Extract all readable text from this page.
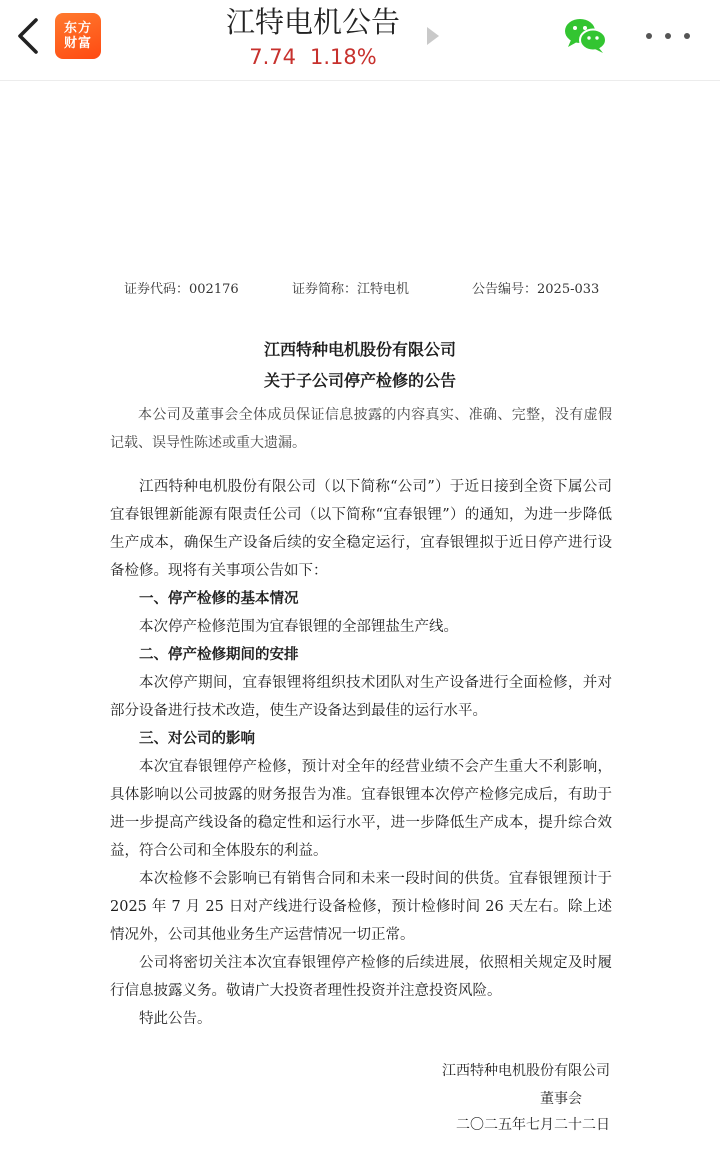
东方
财富
江特电机公告
7.74 1.18%
证券代码：002176	证券简称：江特电机	公告编号：2025-033
江西特种电机股份有限公司
关于子公司停产检修的公告
本公司及董事会全体成员保证信息披露的内容真实、准确、完整，没有虚假记载、误导性陈述或重大遗漏。
江西特种电机股份有限公司（以下简称“公司”）于近日接到全资下属公司宜春银锂新能源有限责任公司（以下简称“宜春银锂”）的通知，为进一步降低生产成本，确保生产设备后续的安全稳定运行，宜春银锂拟于近日停产进行设备检修。现将有关事项公告如下：
一、停产检修的基本情况
本次停产检修范围为宜春银锂的全部锂盐生产线。
二、停产检修期间的安排
本次停产期间，宜春银锂将组织技术团队对生产设备进行全面检修，并对部分设备进行技术改造，使生产设备达到最佳的运行水平。
三、对公司的影响
本次宜春银锂停产检修，预计对全年的经营业绩不会产生重大不利影响，具体影响以公司披露的财务报告为准。宜春银锂本次停产检修完成后，有助于进一步提高产线设备的稳定性和运行水平，进一步降低生产成本，提升综合效益，符合公司和全体股东的利益。
本次检修不会影响已有销售合同和未来一段时间的供货。宜春银锂预计于2025 年 7 月 25 日对产线进行设备检修，预计检修时间 26 天左右。除上述情况外，公司其他业务生产运营情况一切正常。
公司将密切关注本次宜春银锂停产检修的后续进展，依照相关规定及时履行信息披露义务。敬请广大投资者理性投资并注意投资风险。
特此公告。
江西特种电机股份有限公司
董事会
二〇二五年七月二十二日
